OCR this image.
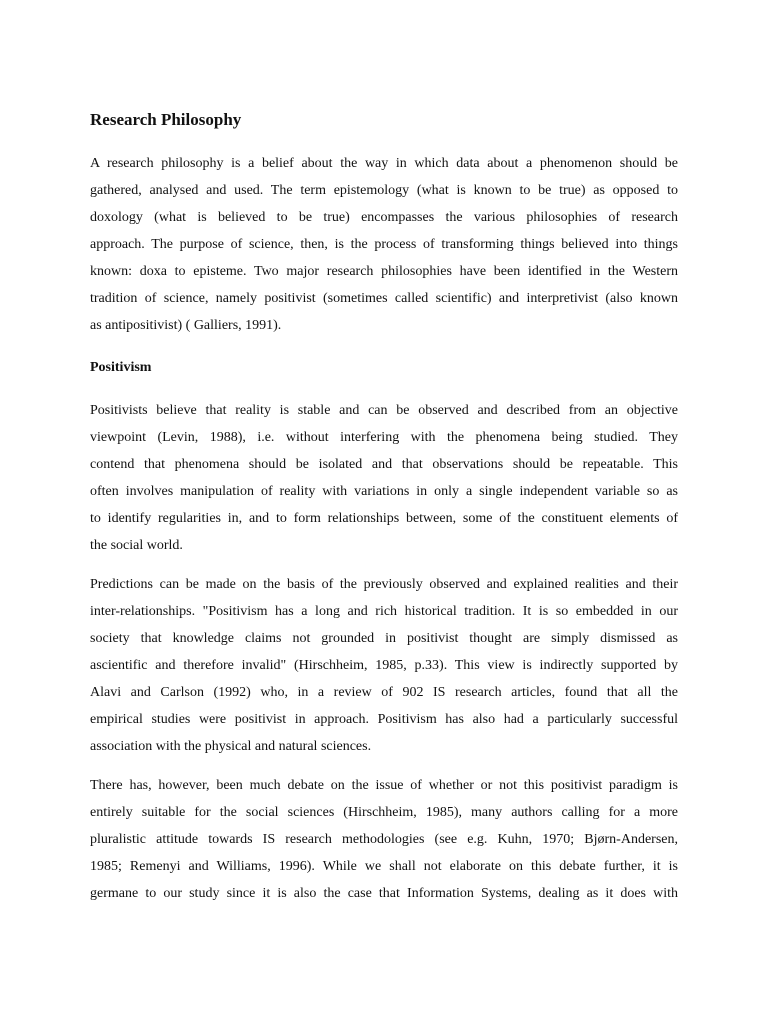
Research Philosophy

A research philosophy is a belief about the way in which data about a phenomenon should be
gathered, analysed and used. The term epistemology (what is known to be true) as opposed to
doxology (what is believed to be true) encompasses the various philosophies of research
approach. The purpose of science, then, is the process of transforming things believed into things
known: doxa to episteme. Two major research philosophies have been identified in the Western
tradition of science, namely positivist (sometimes called scientific) and interpretivist (also known
as antipositivist) ( Galliers, 1991).

Positivism

Positivists believe that reality is stable and can be observed and described from an objective
viewpoint (Levin, 1988), i.e. without interfering with the phenomena being studied. They
contend that phenomena should be isolated and that observations should be repeatable. This
often involves manipulation of reality with variations in only a single independent variable so as
to identify regularities in, and to form relationships between, some of the constituent elements of
the social world.

Predictions can be made on the basis of the previously observed and explained realities and their
inter-relationships. "Positivism has a long and rich historical tradition. It is so embedded in our
society that knowledge claims not grounded in positivist thought are simply dismissed as
ascientific and therefore invalid" (Hirschheim, 1985, p.33). This view is indirectly supported by
Alavi and Carlson (1992) who, in a review of 902 IS research articles, found that all the
empirical studies were positivist in approach. Positivism has also had a particularly successful
association with the physical and natural sciences.

There has, however, been much debate on the issue of whether or not this positivist paradigm is
entirely suitable for the social sciences (Hirschheim, 1985), many authors calling for a more
pluralistic attitude towards IS research methodologies (see e.g. Kuhn, 1970; Bjørn-Andersen,
1985; Remenyi and Williams, 1996). While we shall not elaborate on this debate further, it is
germane to our study since it is also the case that Information Systems, dealing as it does with
